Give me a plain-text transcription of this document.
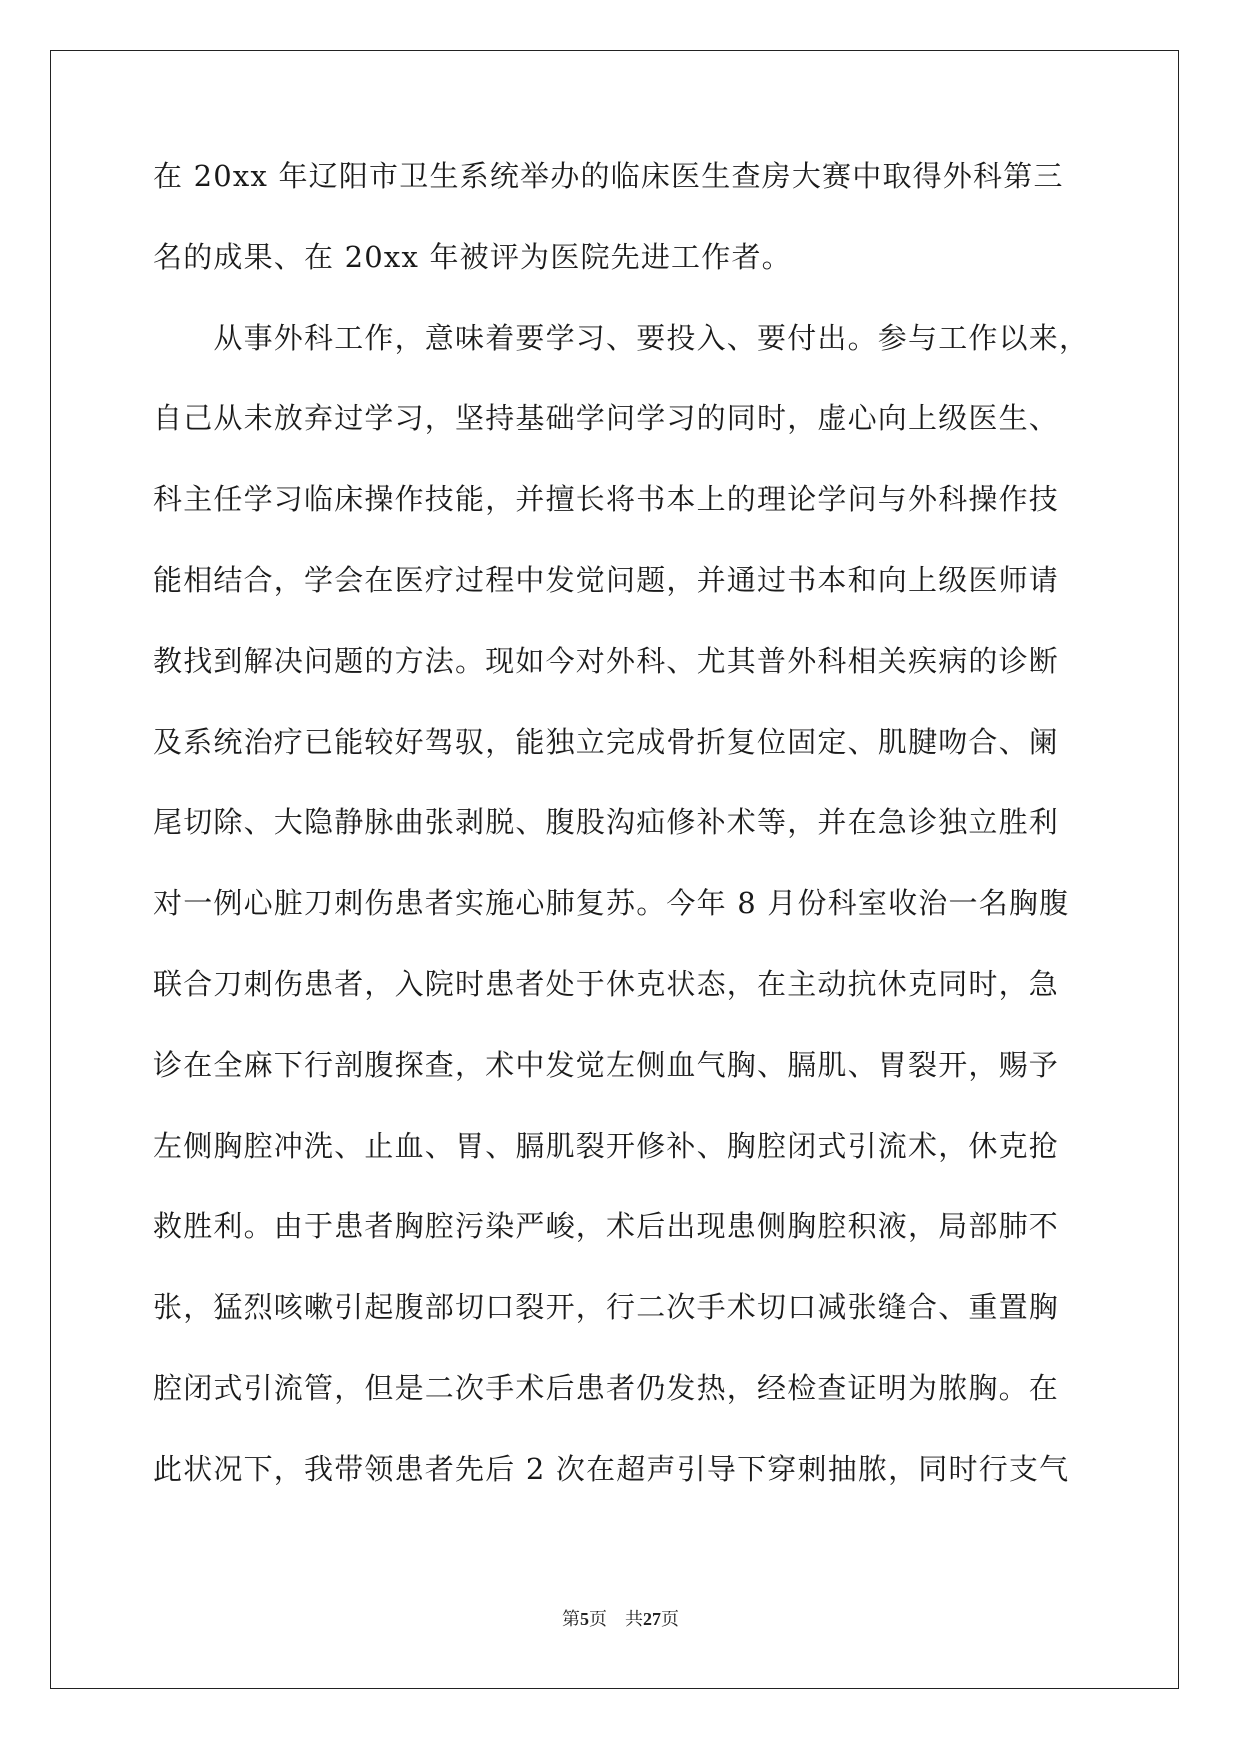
在 20xx 年辽阳市卫生系统举办的临床医生查房大赛中取得外科第三
名的成果、在 20xx 年被评为医院先进工作者。
　　从事外科工作，意味着要学习、要投入、要付出。参与工作以来，
自己从未放弃过学习，坚持基础学问学习的同时，虚心向上级医生、
科主任学习临床操作技能，并擅长将书本上的理论学问与外科操作技
能相结合，学会在医疗过程中发觉问题，并通过书本和向上级医师请
教找到解决问题的方法。现如今对外科、尤其普外科相关疾病的诊断
及系统治疗已能较好驾驭，能独立完成骨折复位固定、肌腱吻合、阑
尾切除、大隐静脉曲张剥脱、腹股沟疝修补术等，并在急诊独立胜利
对一例心脏刀刺伤患者实施心肺复苏。今年 8 月份科室收治一名胸腹
联合刀刺伤患者，入院时患者处于休克状态，在主动抗休克同时，急
诊在全麻下行剖腹探查，术中发觉左侧血气胸、膈肌、胃裂开，赐予
左侧胸腔冲洗、止血、胃、膈肌裂开修补、胸腔闭式引流术，休克抢
救胜利。由于患者胸腔污染严峻，术后出现患侧胸腔积液，局部肺不
张，猛烈咳嗽引起腹部切口裂开，行二次手术切口减张缝合、重置胸
腔闭式引流管，但是二次手术后患者仍发热，经检查证明为脓胸。在
此状况下，我带领患者先后 2 次在超声引导下穿刺抽脓，同时行支气
第5页　共27页
